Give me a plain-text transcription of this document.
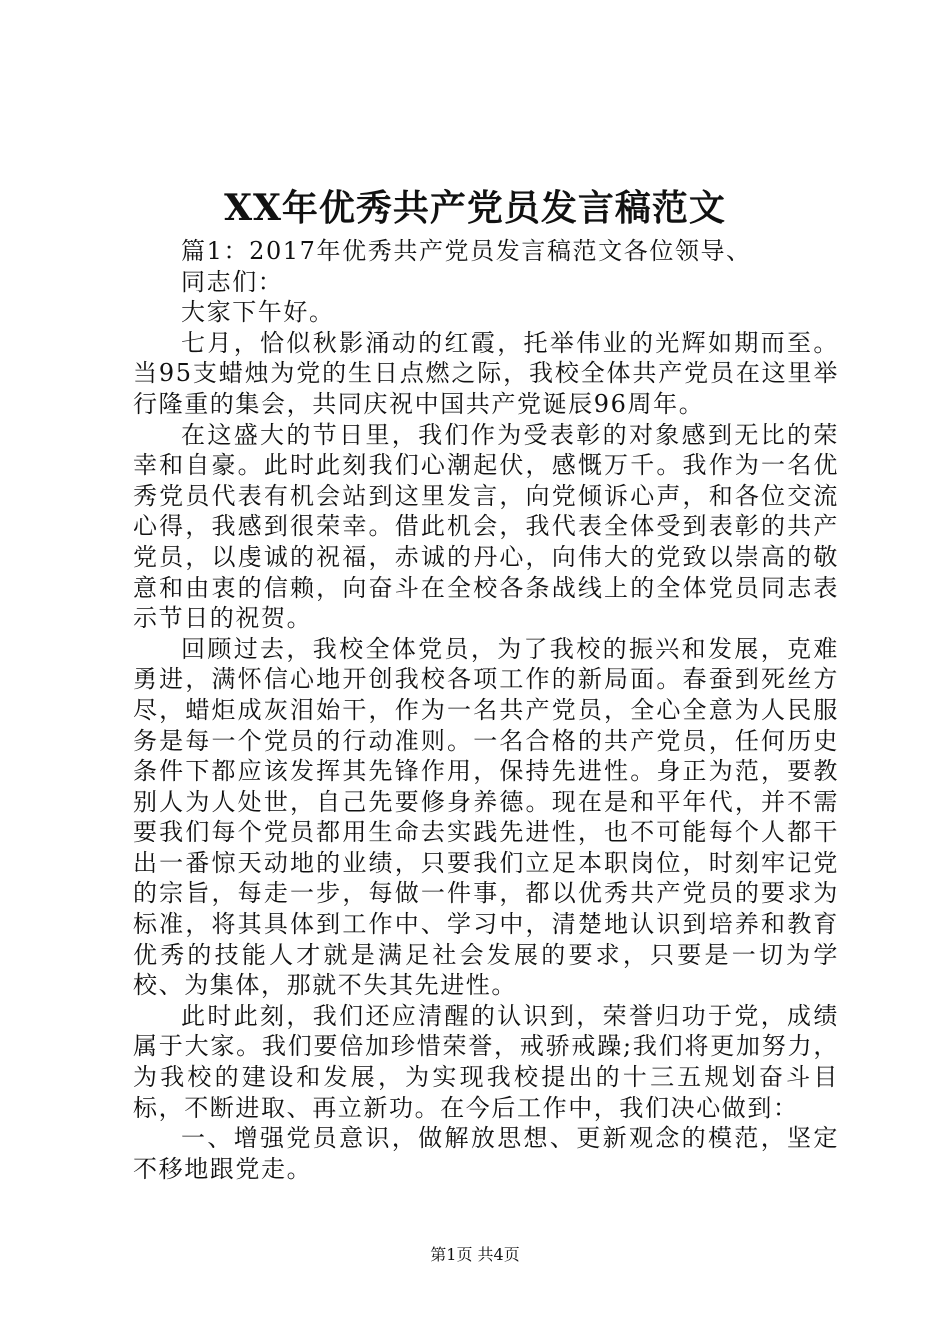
XX年优秀共产党员发言稿范文

篇1：2017年优秀共产党员发言稿范文各位领导、

同志们：

大家下午好。

七月，恰似秋影涌动的红霞，托举伟业的光辉如期而至。当95支蜡烛为党的生日点燃之际，我校全体共产党员在这里举行隆重的集会，共同庆祝中国共产党诞辰96周年。

在这盛大的节日里，我们作为受表彰的对象感到无比的荣幸和自豪。此时此刻我们心潮起伏，感慨万千。我作为一名优秀党员代表有机会站到这里发言，向党倾诉心声，和各位交流心得，我感到很荣幸。借此机会，我代表全体受到表彰的共产党员，以虔诚的祝福，赤诚的丹心，向伟大的党致以崇高的敬意和由衷的信赖，向奋斗在全校各条战线上的全体党员同志表示节日的祝贺。

回顾过去，我校全体党员，为了我校的振兴和发展，克难勇进，满怀信心地开创我校各项工作的新局面。春蚕到死丝方尽，蜡炬成灰泪始干，作为一名共产党员，全心全意为人民服务是每一个党员的行动准则。一名合格的共产党员，任何历史条件下都应该发挥其先锋作用，保持先进性。身正为范，要教别人为人处世，自己先要修身养德。现在是和平年代，并不需要我们每个党员都用生命去实践先进性，也不可能每个人都干出一番惊天动地的业绩，只要我们立足本职岗位，时刻牢记党的宗旨，每走一步，每做一件事，都以优秀共产党员的要求为标准，将其具体到工作中、学习中，清楚地认识到培养和教育优秀的技能人才就是满足社会发展的要求，只要是一切为学校、为集体，那就不失其先进性。

此时此刻，我们还应清醒的认识到，荣誉归功于党，成绩属于大家。我们要倍加珍惜荣誉，戒骄戒躁;我们将更加努力，为我校的建设和发展，为实现我校提出的十三五规划奋斗目标，不断进取、再立新功。在今后工作中，我们决心做到：

一、增强党员意识，做解放思想、更新观念的模范，坚定不移地跟党走。

第1页 共4页
